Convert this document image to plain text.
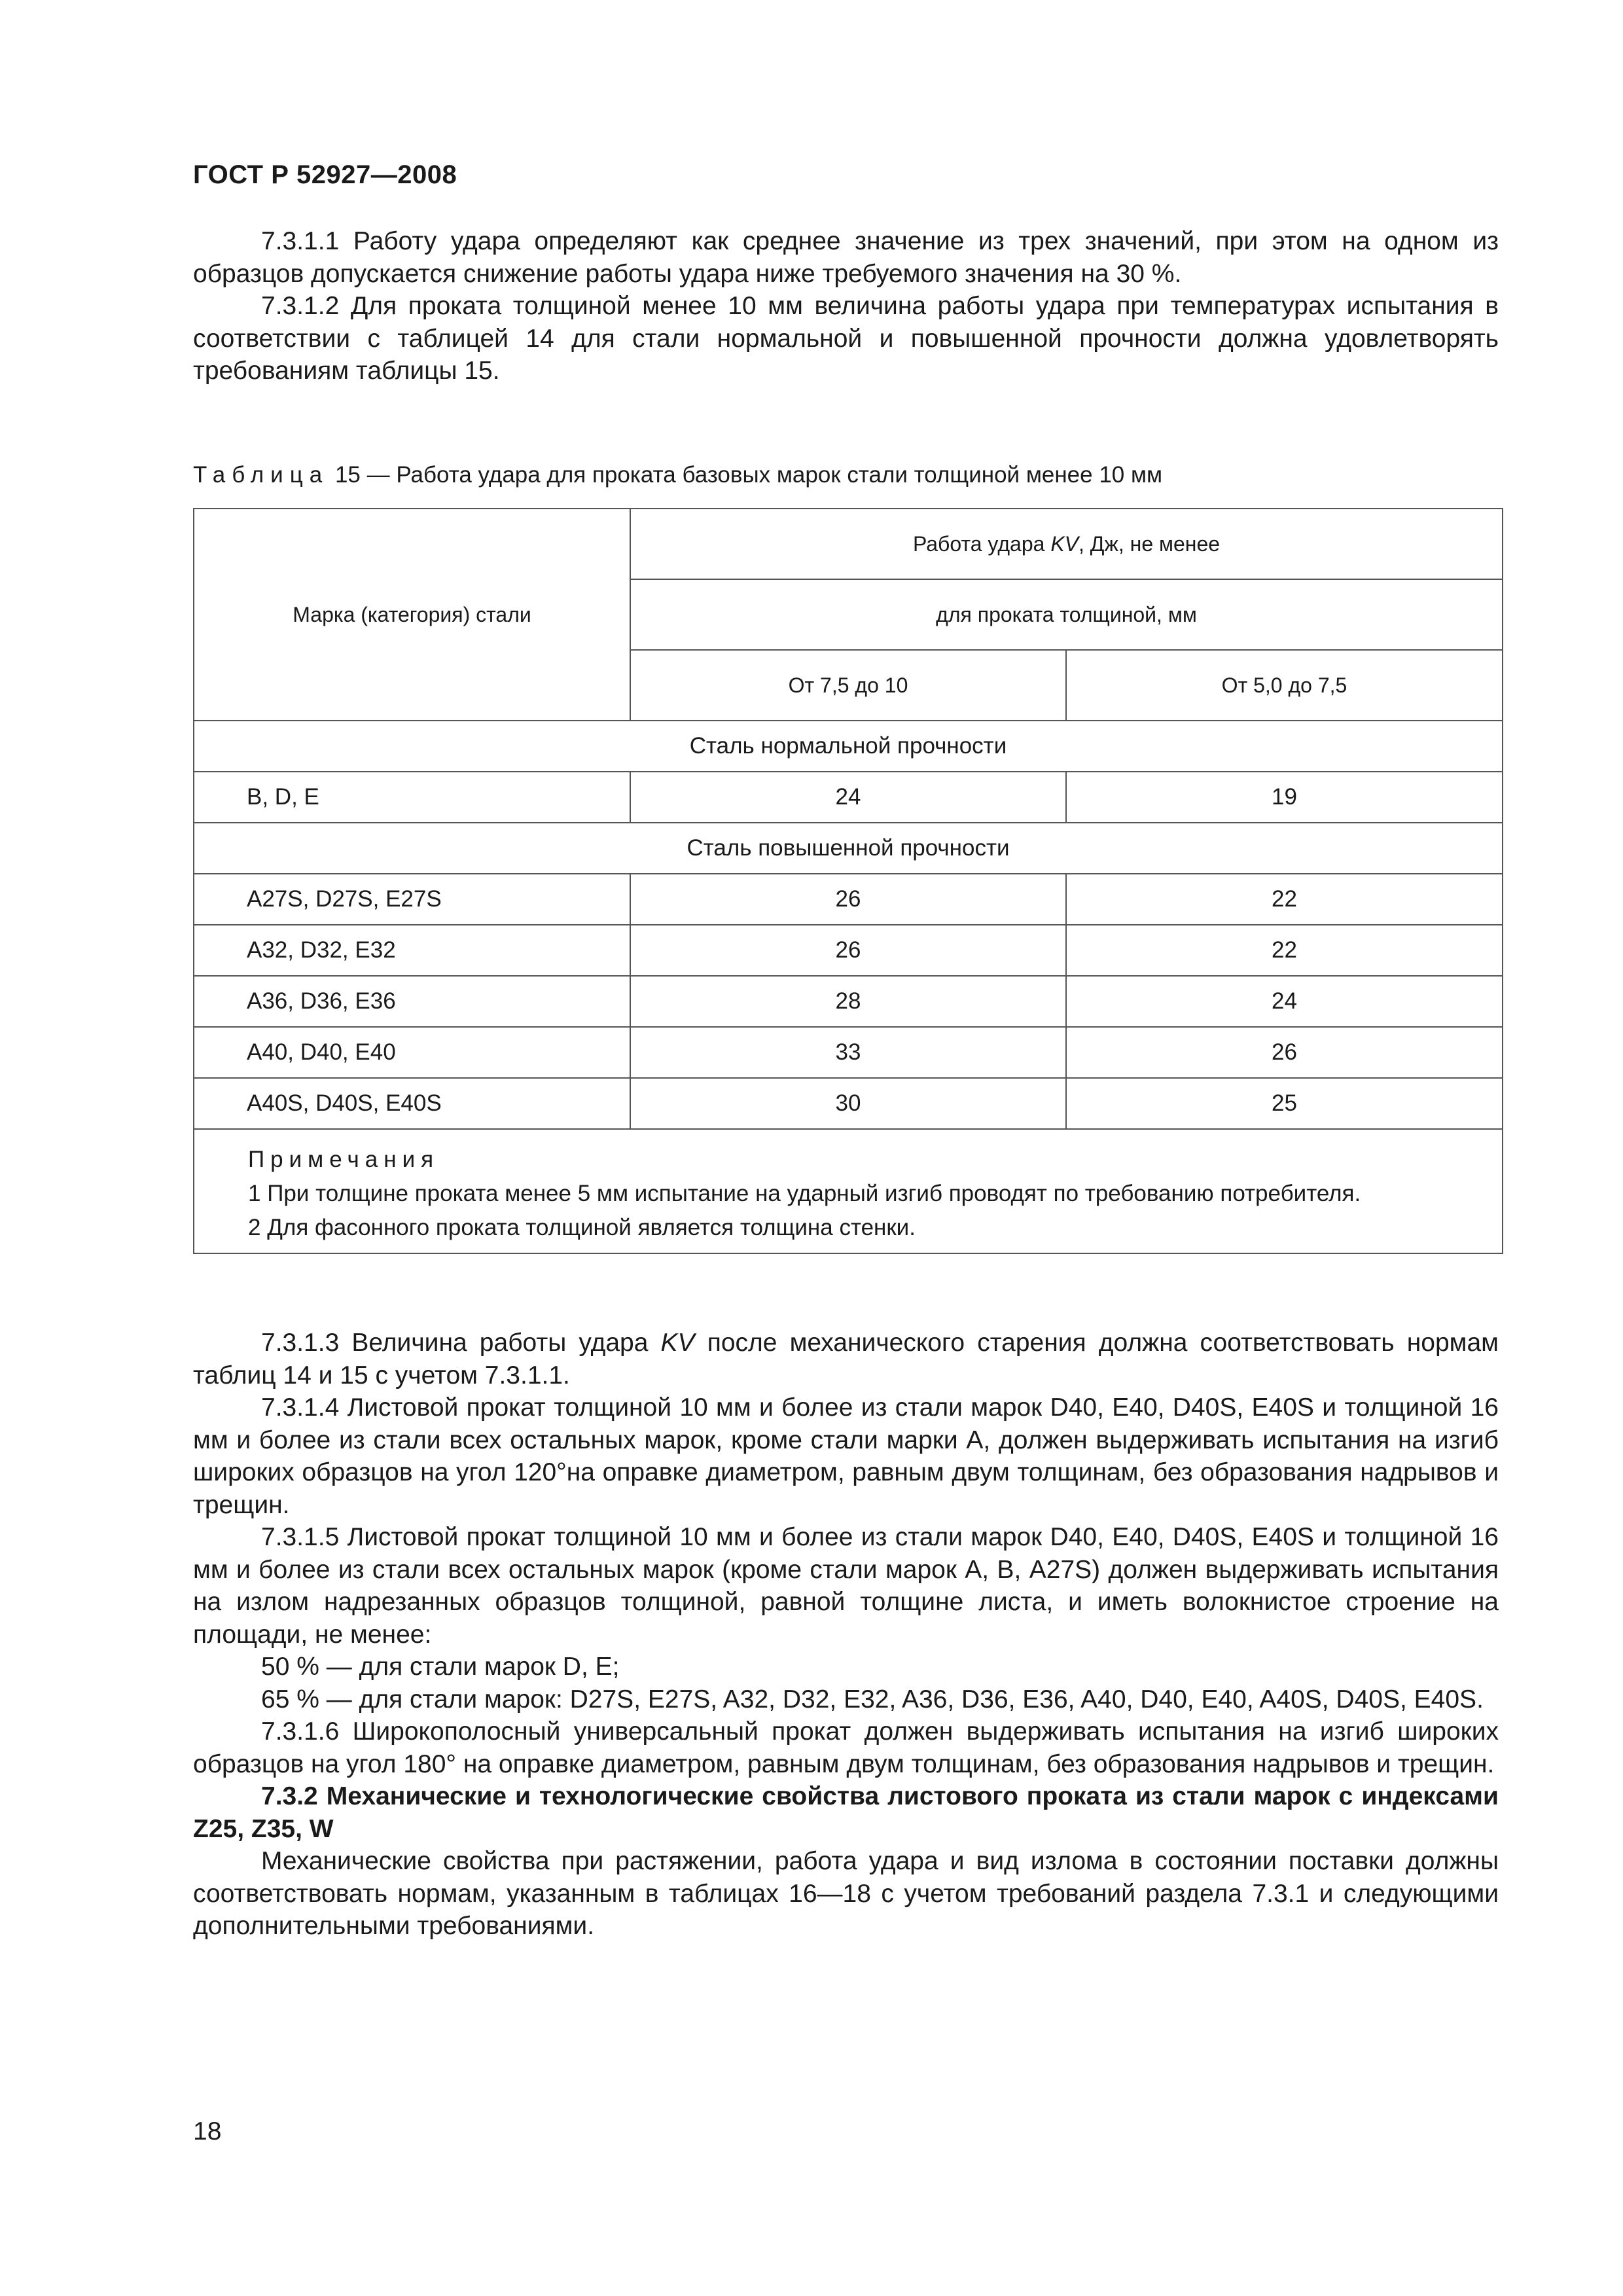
ГОСТ Р 52927—2008

7.3.1.1 Работу удара определяют как среднее значение из трех значений, при этом на одном из образцов допускается снижение работы удара ниже требуемого значения на 30 %.

7.3.1.2 Для проката толщиной менее 10 мм величина работы удара при температурах испытания в соответствии с таблицей 14 для стали нормальной и повышенной прочности должна удовлетворять требованиям таблицы 15.

Таблица 15 — Работа удара для проката базовых марок стали толщиной менее 10 мм
Марка (категория) стали	Работа удара KV, Дж, не менее	
	для проката толщиной, мм	
	От 7,5 до 10	От 5,0 до 7,5
Сталь нормальной прочности		
B, D, E	24	19
Сталь повышенной прочности		
A27S, D27S, E27S	26	22
A32, D32, E32	26	22
A36, D36, E36	28	24
A40, D40, E40	33	26
A40S, D40S, E40S	30	25

Примечания
1 При толщине проката менее 5 мм испытание на ударный изгиб проводят по требованию потребителя.
2 Для фасонного проката толщиной является толщина стенки.		

7.3.1.3 Величина работы удара KV после механического старения должна соответствовать нормам таблиц 14 и 15 с учетом 7.3.1.1.

7.3.1.4 Листовой прокат толщиной 10 мм и более из стали марок D40, E40, D40S, E40S и толщиной 16 мм и более из стали всех остальных марок, кроме стали марки А, должен выдерживать испытания на изгиб широких образцов на угол 120°на оправке диаметром, равным двум толщинам, без образования надрывов и трещин.

7.3.1.5 Листовой прокат толщиной 10 мм и более из стали марок D40, E40, D40S, E40S и толщиной 16 мм и более из стали всех остальных марок (кроме стали марок А, В, A27S) должен выдерживать испытания на излом надрезанных образцов толщиной, равной толщине листа, и иметь волокнистое строение на площади, не менее:

50 % — для стали марок D, E;

65 % — для стали марок: D27S, E27S, A32, D32, E32, A36, D36, E36, A40, D40, E40, A40S, D40S, E40S.

7.3.1.6 Широкополосный универсальный прокат должен выдерживать испытания на изгиб широких образцов на угол 180° на оправке диаметром, равным двум толщинам, без образования надрывов и трещин.

7.3.2 Механические и технологические свойства листового проката из стали марок с индексами Z25, Z35, W

Механические свойства при растяжении, работа удара и вид излома в состоянии поставки должны соответствовать нормам, указанным в таблицах 16—18 с учетом требований раздела 7.3.1 и следующими дополнительными требованиями.

18
